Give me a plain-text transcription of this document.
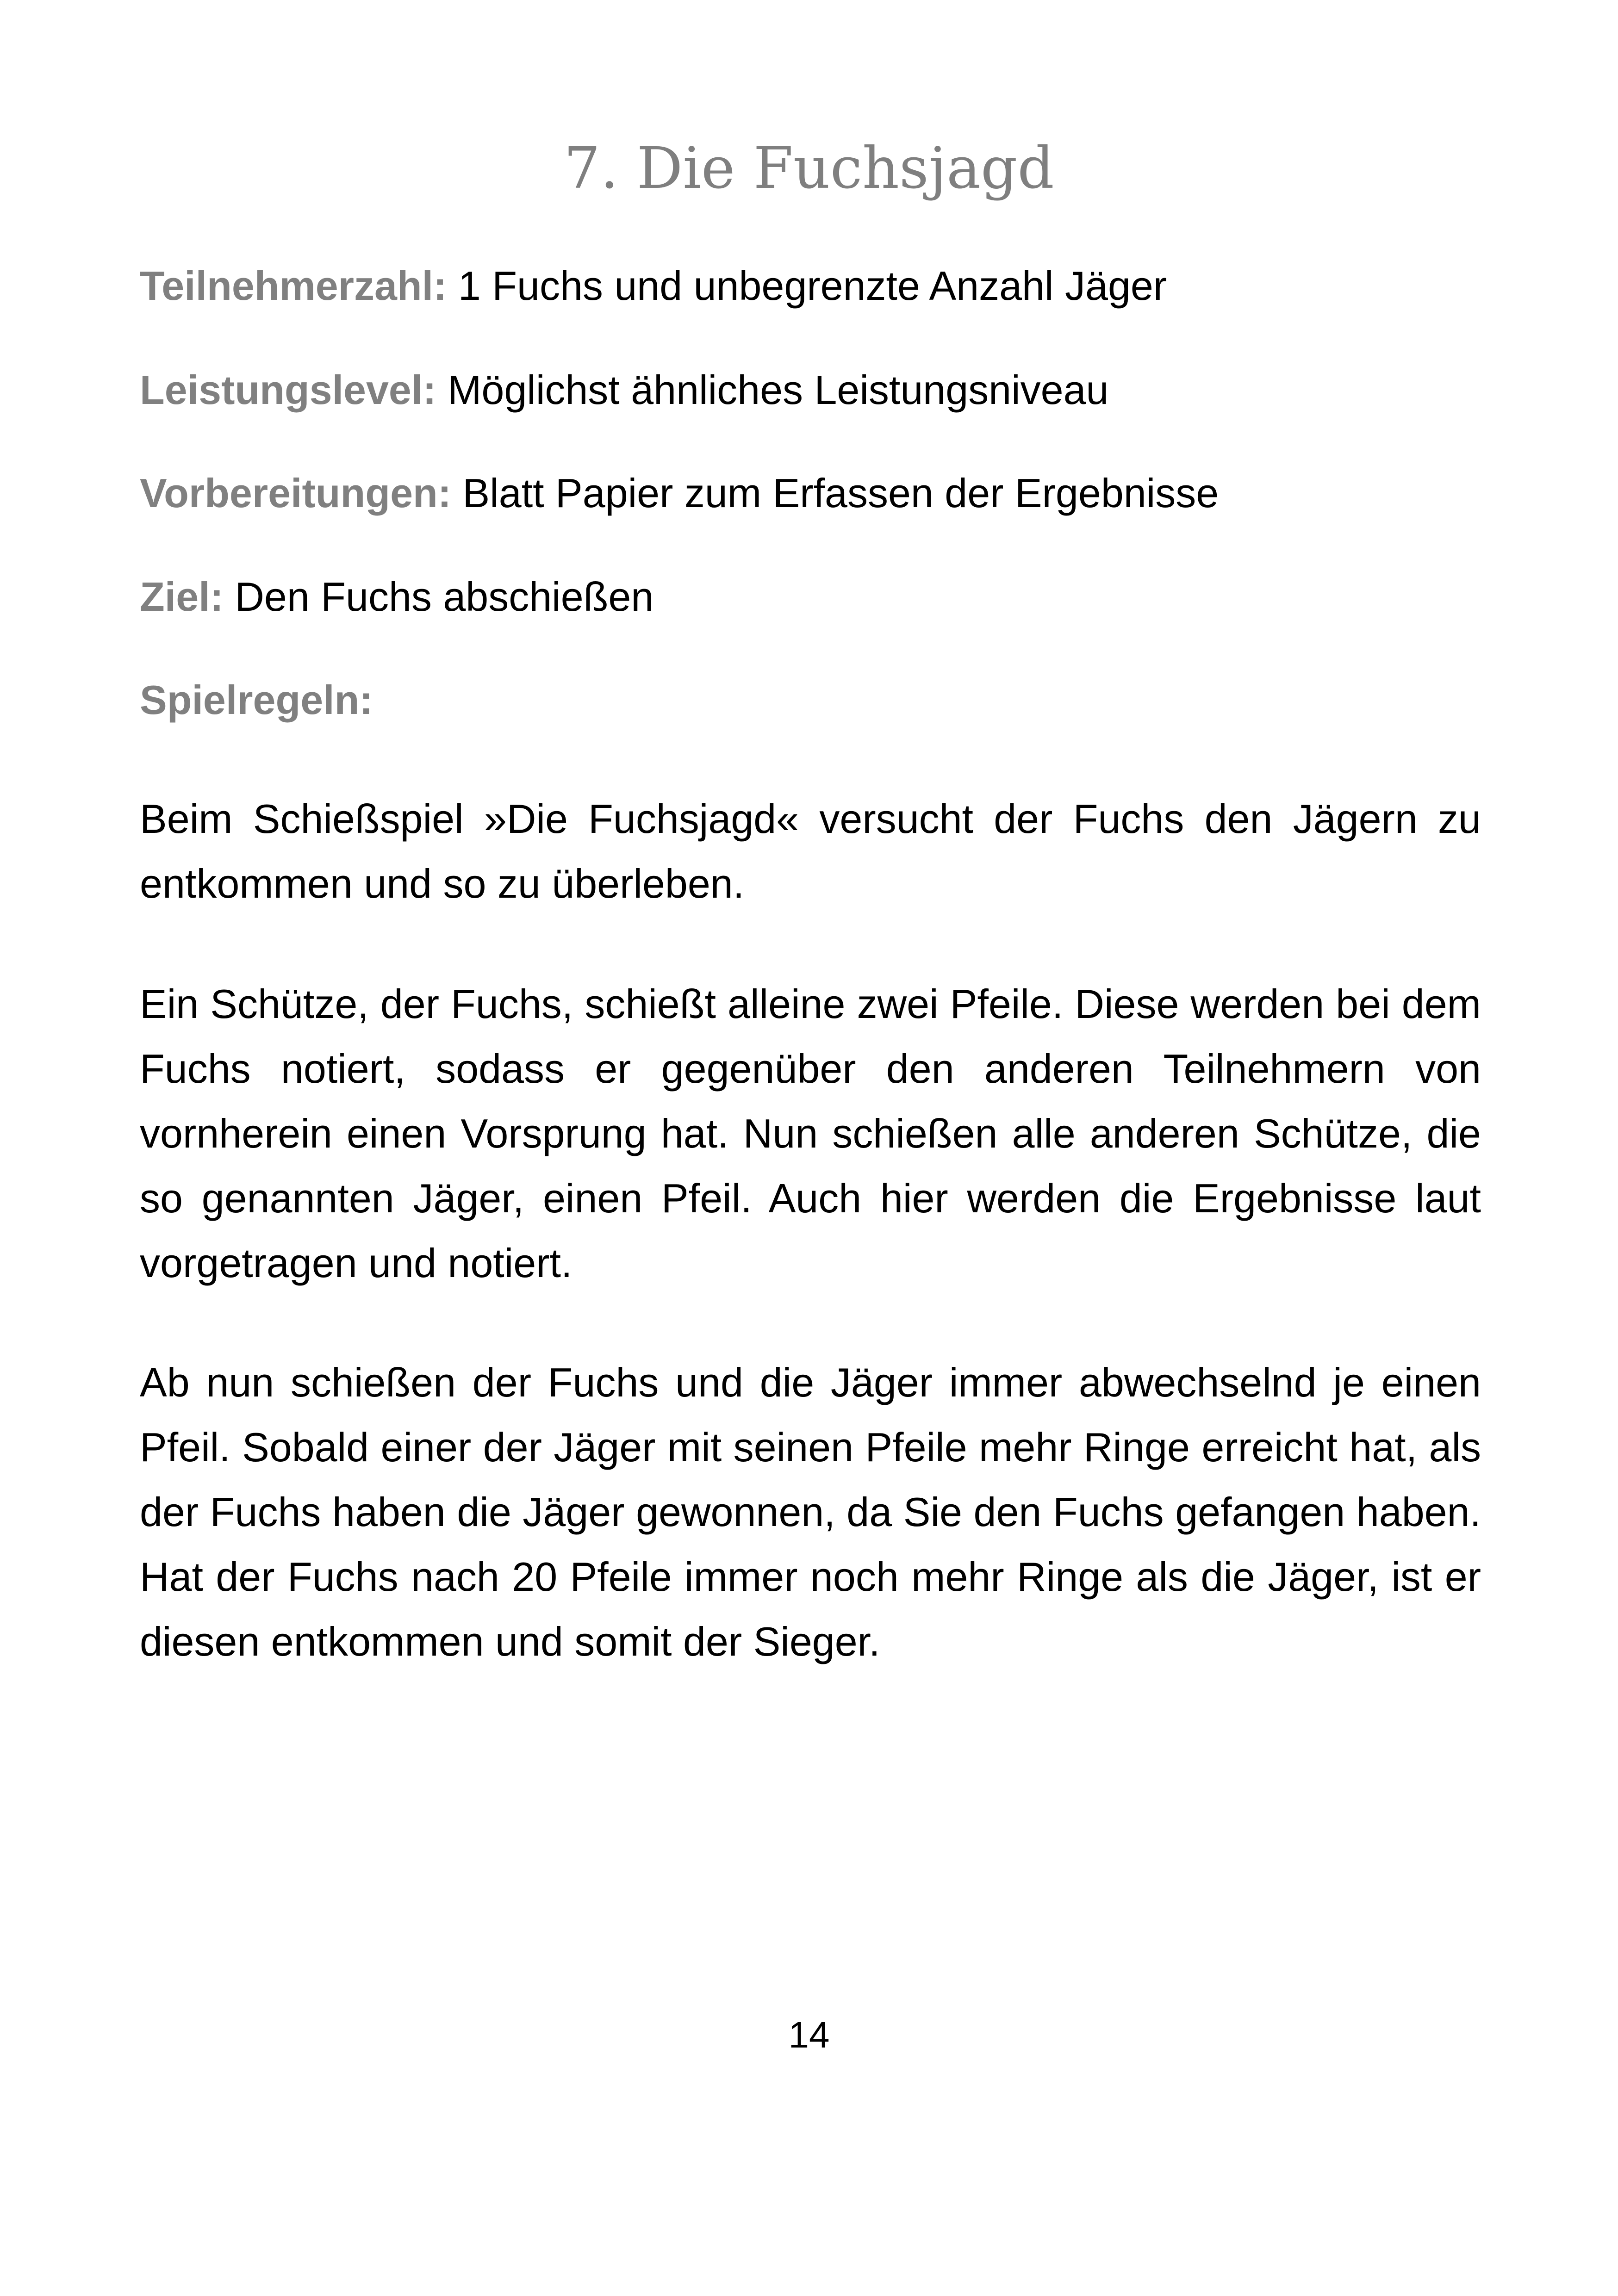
7. Die Fuchsjagd

Teilnehmerzahl: 1 Fuchs und unbegrenzte Anzahl Jäger

Leistungslevel: Möglichst ähnliches Leistungsniveau

Vorbereitungen: Blatt Papier zum Erfassen der Ergebnisse

Ziel: Den Fuchs abschießen

Spielregeln:

Beim Schießspiel »Die Fuchsjagd« versucht der Fuchs den Jägern zu entkommen und so zu überleben.

Ein Schütze, der Fuchs, schießt alleine zwei Pfeile. Diese werden bei dem Fuchs notiert, sodass er gegenüber den anderen Teilnehmern von vornherein einen Vorsprung hat. Nun schießen alle anderen Schütze, die so genannten Jäger, einen Pfeil. Auch hier werden die Ergebnisse laut vorgetragen und notiert.

Ab nun schießen der Fuchs und die Jäger immer abwechselnd je einen Pfeil. Sobald einer der Jäger mit seinen Pfeile mehr Ringe erreicht hat, als der Fuchs haben die Jäger gewonnen, da Sie den Fuchs gefangen haben. Hat der Fuchs nach 20 Pfeile immer noch mehr Ringe als die Jäger, ist er diesen entkommen und somit der Sieger.

14
